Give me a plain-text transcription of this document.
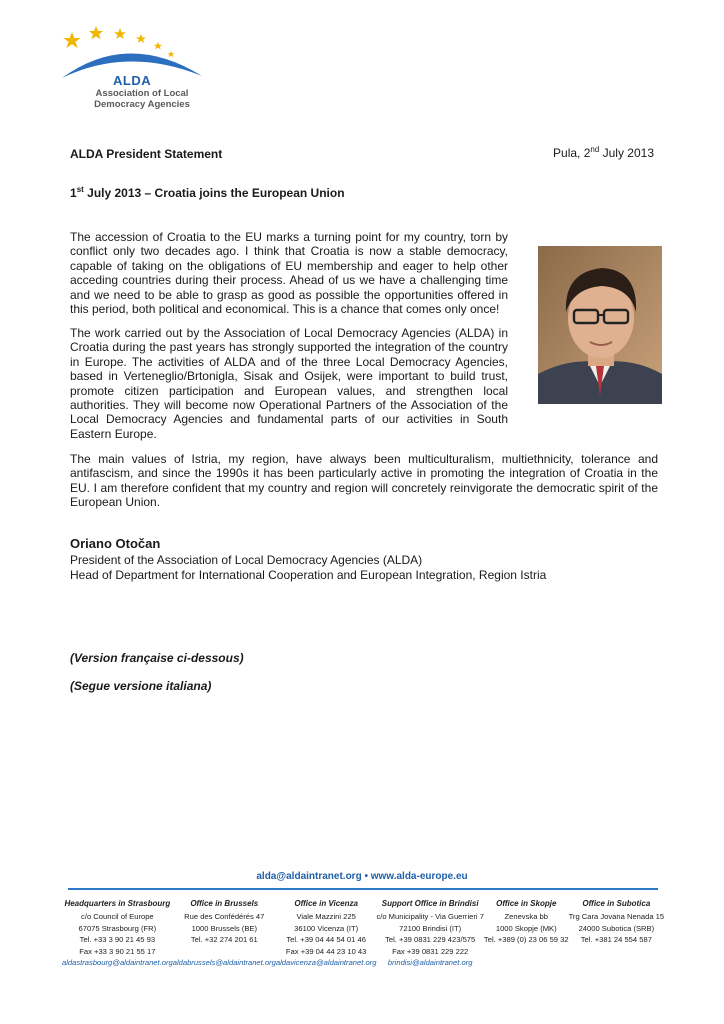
ALDA
Association of Local Democracy Agencies
ALDA President Statement	Pula, 2nd July 2013
1st July 2013 – Croatia joins the European Union

The accession of Croatia to the EU marks a turning point for my country, torn by conflict only two decades ago. I think that Croatia is now a stable democracy, capable of taking on the obligations of EU membership and eager to help other acceding countries during their process. Ahead of us we have a challenging time and we need to be able to grasp as good as possible the opportunities offered in this period, both political and economical. This is a chance that comes only once!

The work carried out by the Association of Local Democracy Agencies (ALDA) in Croatia during the past years has strongly supported the integration of the country in Europe. The activities of ALDA and of the three Local Democracy Agencies, based in Verteneglio/Brtonigla, Sisak and Osijek, were important to build trust, promote citizen participation and European values, and strengthen local authorities. They will become now Operational Partners of the Association of the Local Democracy Agencies and fundamental parts of our activities in South Eastern Europe.

The main values of Istria, my region, have always been multiculturalism, multiethnicity, tolerance and antifascism, and since the 1990s it has been particularly active in promoting the integration of Croatia in the EU. I am therefore confident that my country and region will concretely reinvigorate the democratic spirit of the European Union.

Oriano Otočan
President of the Association of Local Democracy Agencies (ALDA)
Head of Department for International Cooperation and European Integration, Region Istria
(Version française ci-dessous)
(Segue versione italiana)
alda@aldaintranet.org • www.alda-europe.eu
Headquarters in Strasbourg
c/o Council of Europe
67075 Strasbourg (FR)
Tel. +33 3 90 21 45 93
Fax +33 3 90 21 55 17
aldastrasbourg@aldaintranet.org
Office in Brussels
Rue des Confédérés 47
1000 Brussels (BE)
Tel. +32 274 201 61

aldabrussels@aldaintranet.org
Office in Vicenza
Viale Mazzini 225
36100 Vicenza (IT)
Tel. +39 04 44 54 01 46
Fax +39 04 44 23 10 43
aldavicenza@aldaintranet.org
Support Office in Brindisi
c/o Municipality - Via Guerrieri 7
72100 Brindisi (IT)
Tel. +39 0831 229 423/575
Fax +39 0831 229 222
brindisi@aldaintranet.org
Office in Skopje
Zenevska bb
1000 Skopje (MK)
Tel. +389 (0) 23 06 59 32
Office in Subotica
Trg Cara Jovana Nenada 15
24000 Subotica (SRB)
Tel. +381 24 554 587
